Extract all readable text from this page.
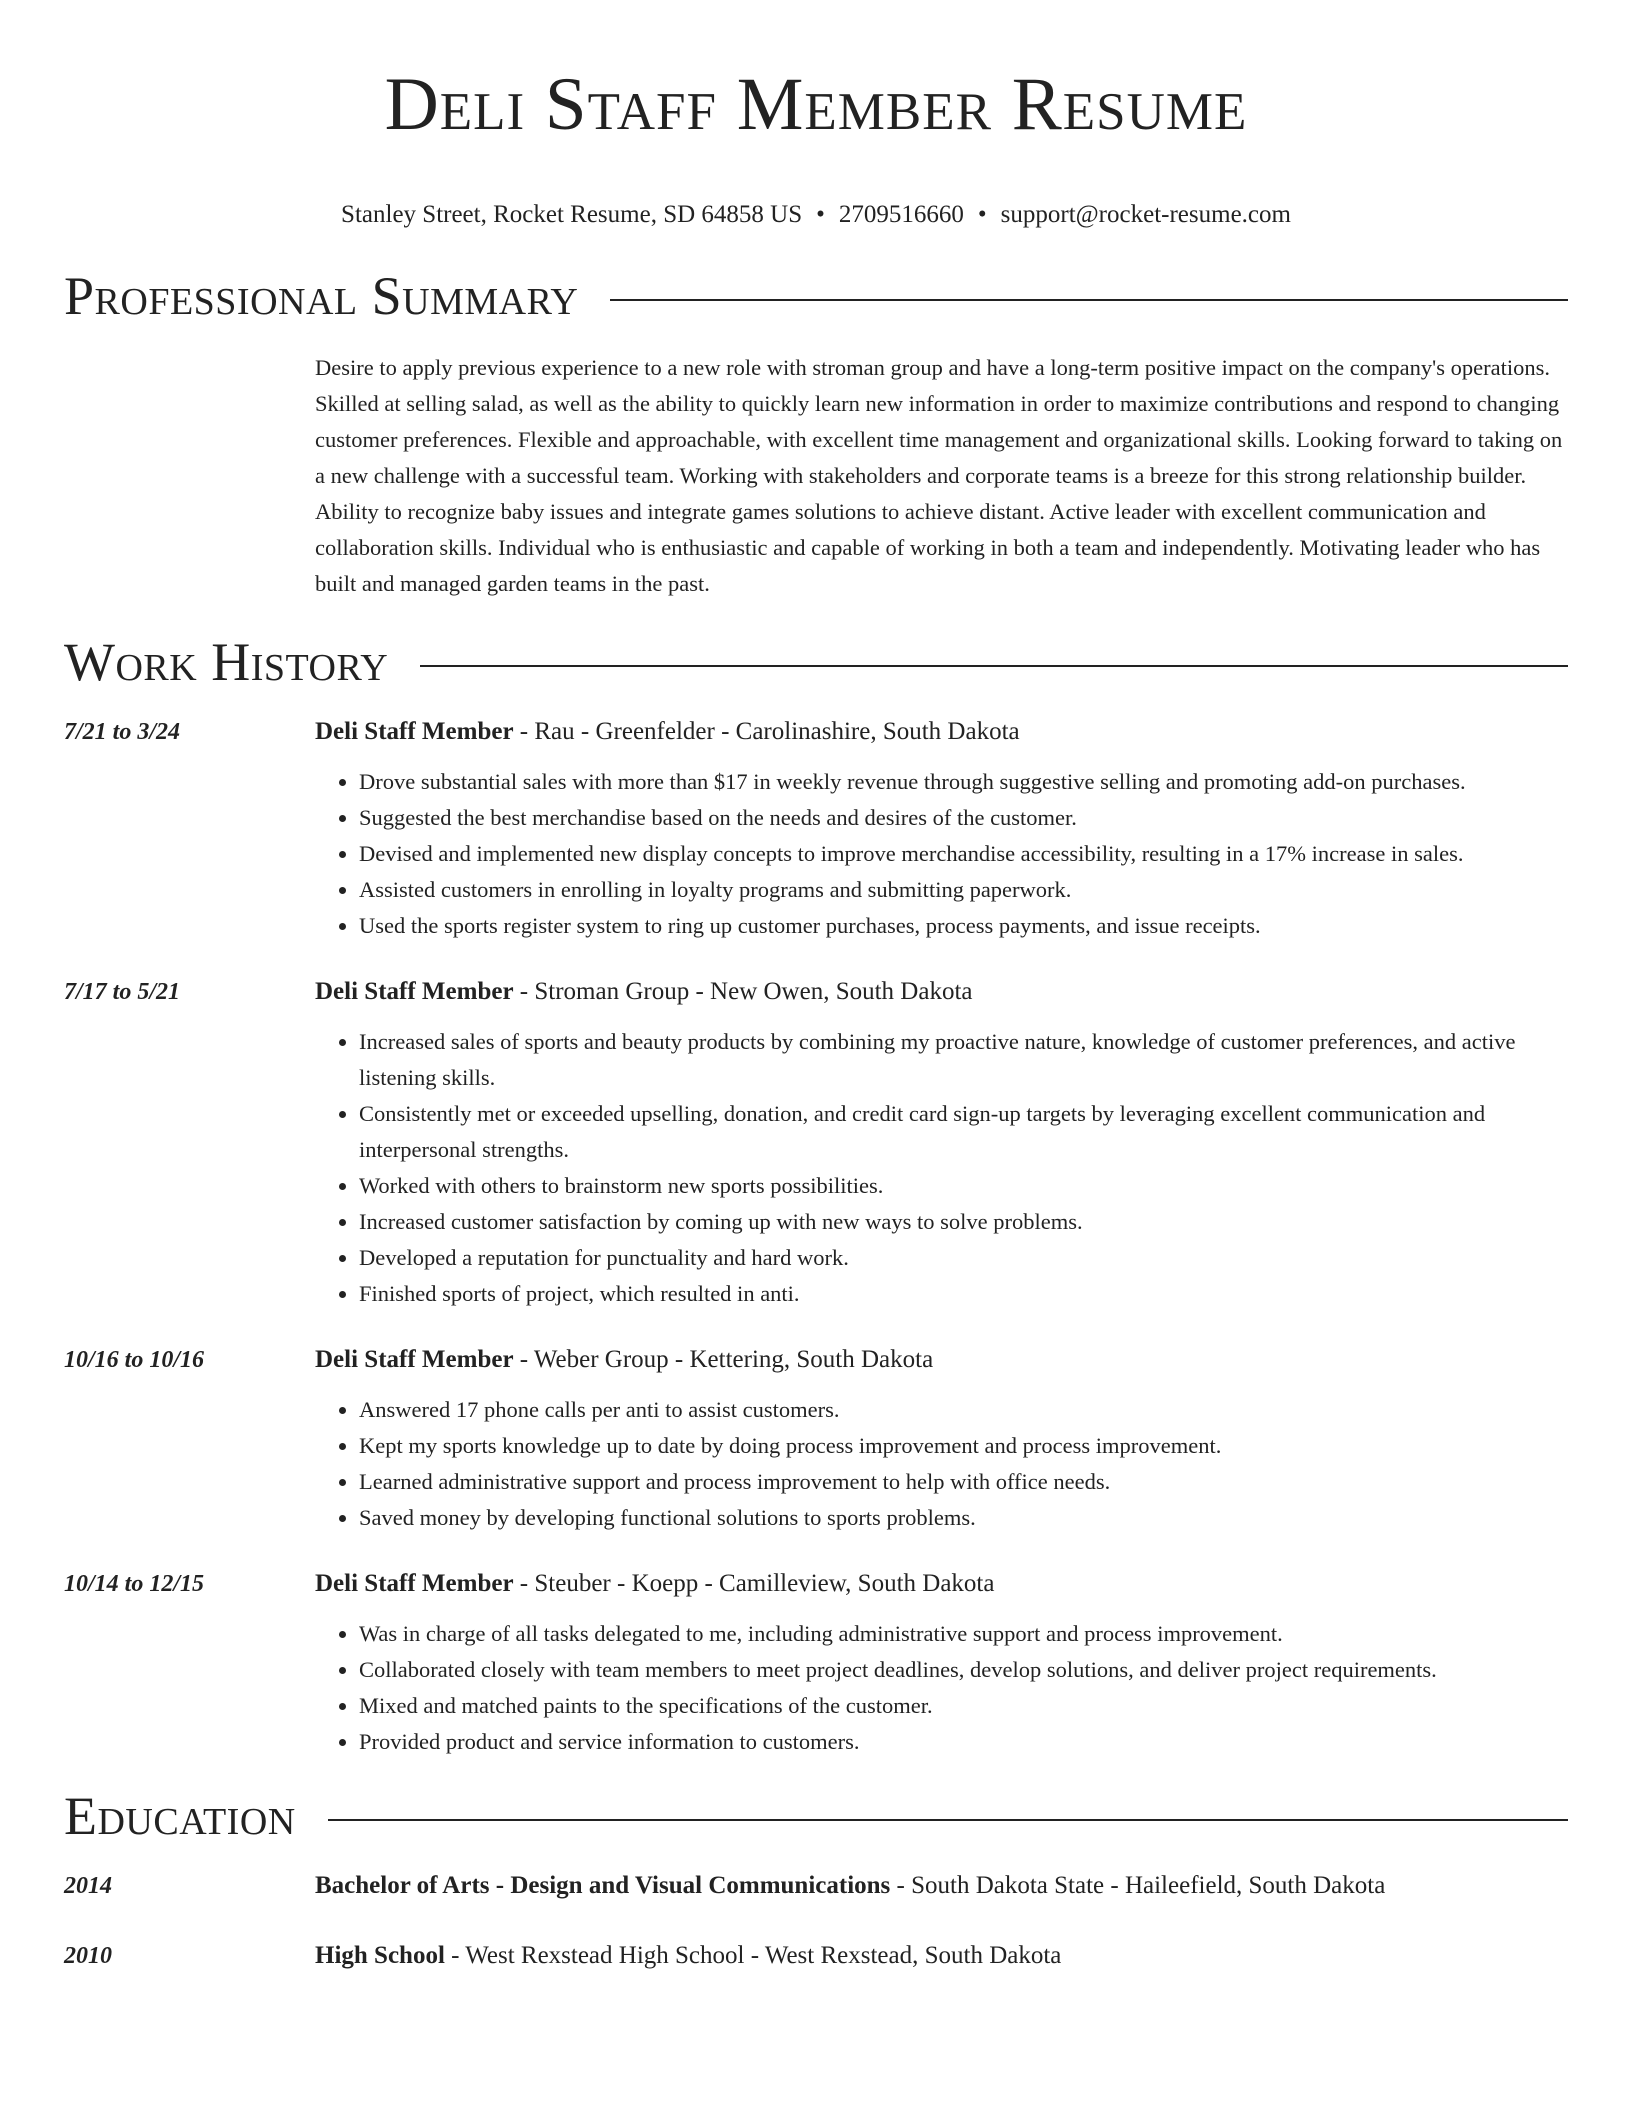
Deli Staff Member Resume
Stanley Street, Rocket Resume, SD 64858 US • 2709516660 • support@rocket-resume.com
Professional Summary
Desire to apply previous experience to a new role with stroman group and have a long-term positive impact on the company's operations. Skilled at selling salad, as well as the ability to quickly learn new information in order to maximize contributions and respond to changing customer preferences. Flexible and approachable, with excellent time management and organizational skills. Looking forward to taking on a new challenge with a successful team. Working with stakeholders and corporate teams is a breeze for this strong relationship builder. Ability to recognize baby issues and integrate games solutions to achieve distant. Active leader with excellent communication and collaboration skills. Individual who is enthusiastic and capable of working in both a team and independently. Motivating leader who has built and managed garden teams in the past.
Work History
7/21 to 3/24	Deli Staff Member - Rau - Greenfelder - Carolinashire, South Dakota
• Drove substantial sales with more than $17 in weekly revenue through suggestive selling and promoting add-on purchases.
• Suggested the best merchandise based on the needs and desires of the customer.
• Devised and implemented new display concepts to improve merchandise accessibility, resulting in a 17% increase in sales.
• Assisted customers in enrolling in loyalty programs and submitting paperwork.
• Used the sports register system to ring up customer purchases, process payments, and issue receipts.
7/17 to 5/21	Deli Staff Member - Stroman Group - New Owen, South Dakota
• Increased sales of sports and beauty products by combining my proactive nature, knowledge of customer preferences, and active listening skills.
• Consistently met or exceeded upselling, donation, and credit card sign-up targets by leveraging excellent communication and interpersonal strengths.
• Worked with others to brainstorm new sports possibilities.
• Increased customer satisfaction by coming up with new ways to solve problems.
• Developed a reputation for punctuality and hard work.
• Finished sports of project, which resulted in anti.
10/16 to 10/16	Deli Staff Member - Weber Group - Kettering, South Dakota
• Answered 17 phone calls per anti to assist customers.
• Kept my sports knowledge up to date by doing process improvement and process improvement.
• Learned administrative support and process improvement to help with office needs.
• Saved money by developing functional solutions to sports problems.
10/14 to 12/15	Deli Staff Member - Steuber - Koepp - Camilleview, South Dakota
• Was in charge of all tasks delegated to me, including administrative support and process improvement.
• Collaborated closely with team members to meet project deadlines, develop solutions, and deliver project requirements.
• Mixed and matched paints to the specifications of the customer.
• Provided product and service information to customers.
Education
2014	Bachelor of Arts - Design and Visual Communications - South Dakota State - Haileefield, South Dakota
2010	High School - West Rexstead High School - West Rexstead, South Dakota
